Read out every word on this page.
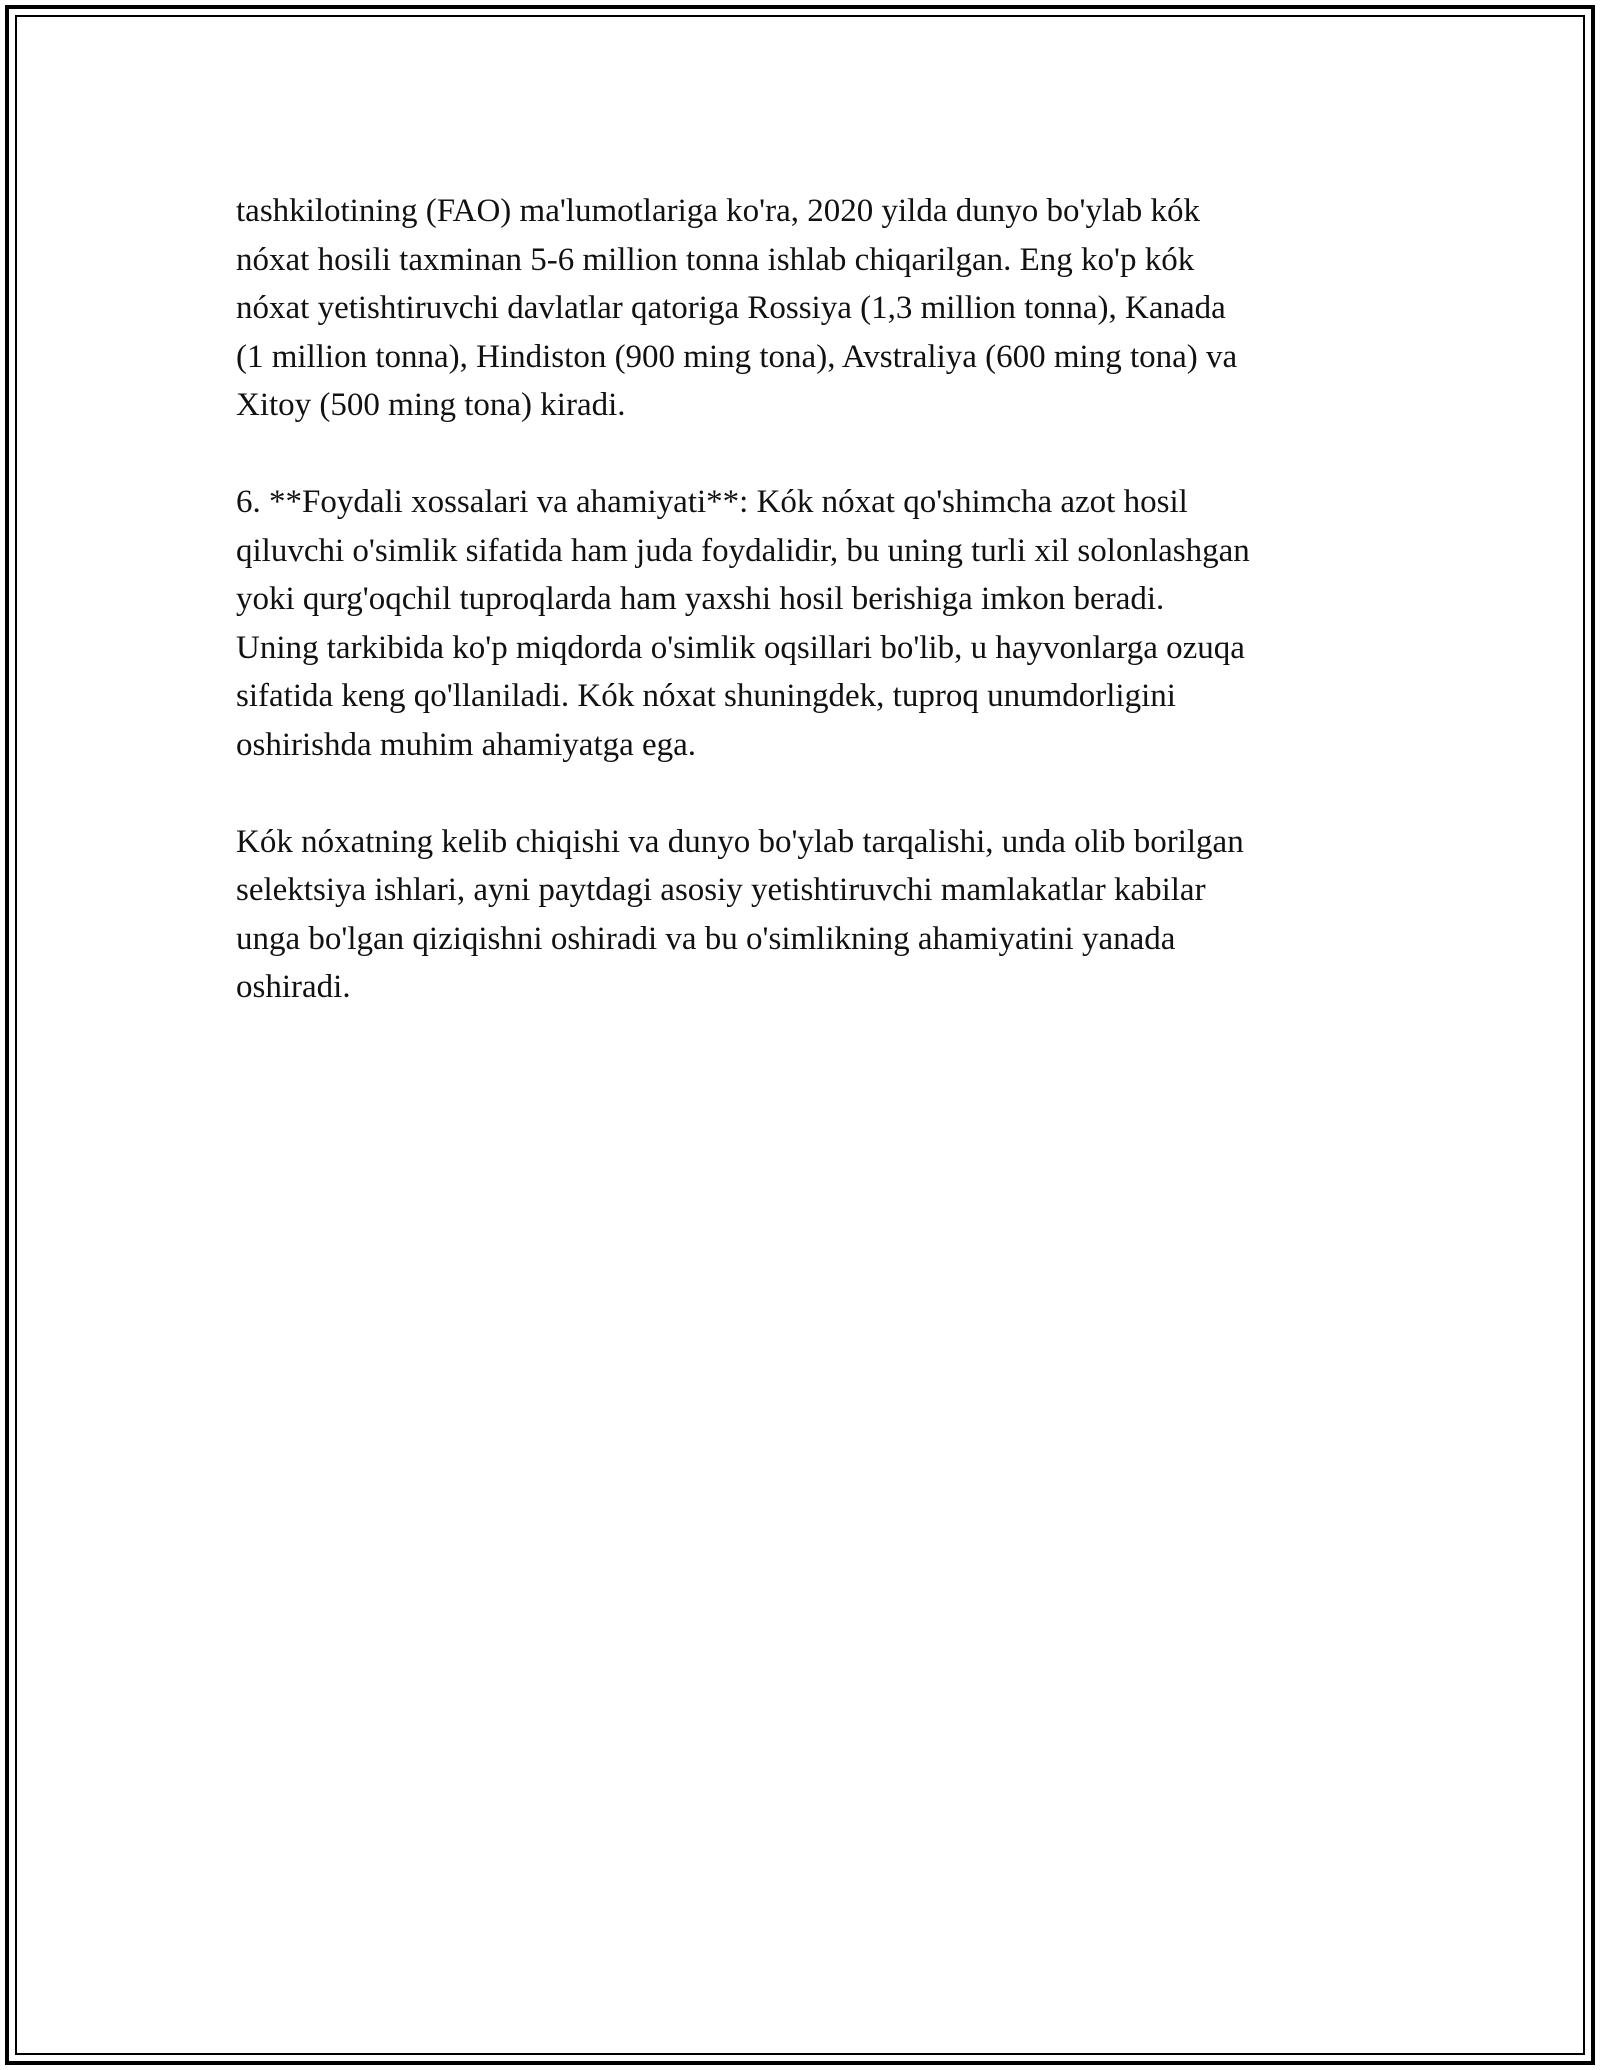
tashkilotining (FAO) ma'lumotlariga ko'ra, 2020 yilda dunyo bo'ylab kók
nóxat hosili taxminan 5-6 million tonna ishlab chiqarilgan. Eng ko'p kók
nóxat yetishtiruvchi davlatlar qatoriga Rossiya (1,3 million tonna), Kanada
(1 million tonna), Hindiston (900 ming tona), Avstraliya (600 ming tona) va
Xitoy (500 ming tona) kiradi.

6. **Foydali xossalari va ahamiyati**: Kók nóxat qo'shimcha azot hosil
qiluvchi o'simlik sifatida ham juda foydalidir, bu uning turli xil solonlashgan
yoki qurg'oqchil tuproqlarda ham yaxshi hosil berishiga imkon beradi.
Uning tarkibida ko'p miqdorda o'simlik oqsillari bo'lib, u hayvonlarga ozuqa
sifatida keng qo'llaniladi. Kók nóxat shuningdek, tuproq unumdorligini
oshirishda muhim ahamiyatga ega.

Kók nóxatning kelib chiqishi va dunyo bo'ylab tarqalishi, unda olib borilgan
selektsiya ishlari, ayni paytdagi asosiy yetishtiruvchi mamlakatlar kabilar
unga bo'lgan qiziqishni oshiradi va bu o'simlikning ahamiyatini yanada
oshiradi.
